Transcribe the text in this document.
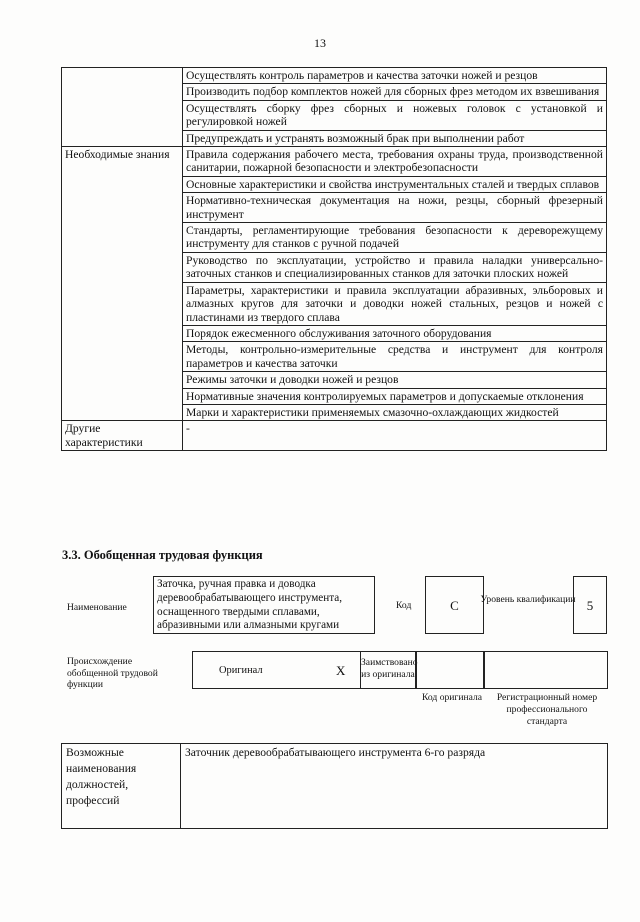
13
	Осуществлять контроль параметров и качества заточки ножей и резцов
	Производить подбор комплектов ножей для сборных фрез методом их взвешивания
	Осуществлять сборку фрез сборных и ножевых головок с установкой и регулировкой ножей
	Предупреждать и устранять возможный брак при выполнении работ
Необходимые знания	Правила содержания рабочего места, требования охраны труда, производственной санитарии, пожарной безопасности и электробезопасности
	Основные характеристики и свойства инструментальных сталей и твердых сплавов
	Нормативно-техническая документация на ножи, резцы, сборный фрезерный инструмент
	Стандарты, регламентирующие требования безопасности к дереворежущему инструменту для станков с ручной подачей
	Руководство по эксплуатации, устройство и правила наладки универсально-заточных станков и специализированных станков для заточки плоских ножей
	Параметры, характеристики и правила эксплуатации абразивных, эльборовых и алмазных кругов для заточки и доводки ножей стальных, резцов и ножей с пластинами из твердого сплава
	Порядок ежесменного обслуживания заточного оборудования
	Методы, контрольно-измерительные средства и инструмент для контроля параметров и качества заточки
	Режимы заточки и доводки ножей и резцов
	Нормативные значения контролируемых параметров и допускаемые отклонения
	Марки и характеристики применяемых смазочно-охлаждающих жидкостей
Другие характеристики	-
3.3. Обобщенная трудовая функция
Наименование
Заточка, ручная правка и доводка деревообрабатывающего инструмента, оснащенного твердыми сплавами, абразивными или алмазными кругами
Код	C	Уровень квалификации 5
Происхождение обобщенной трудовой функции
Оригинал	X
Заимствовано из оригинала
Код оригинала	Регистрационный номер профессионального стандарта
Возможные наименования должностей, профессий	Заточник деревообрабатывающего инструмента 6-го разряда
